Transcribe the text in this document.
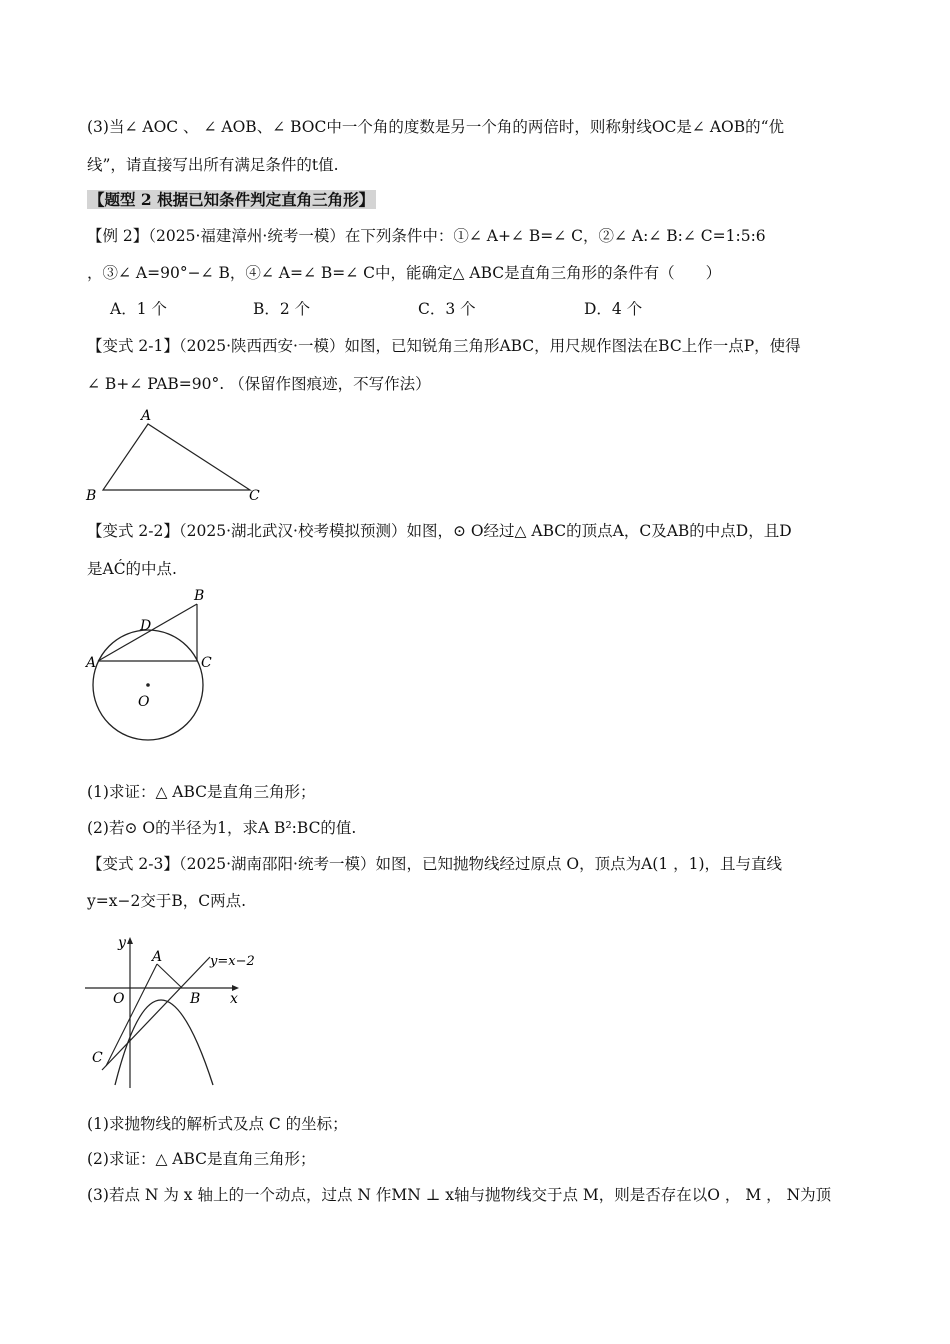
(3)当∠ AOC 、 ∠ AOB、∠ BOC中一个角的度数是另一个角的两倍时，则称射线OC是∠ AOB的“优
线”，请直接写出所有满足条件的t值.
【题型 2 根据已知条件判定直角三角形】
【例 2】（2025·福建漳州·统考一模）在下列条件中：①∠ A+∠ B=∠ C，②∠ A:∠ B:∠ C=1:5:6
，③∠ A=90°−∠ B，④∠ A=∠ B=∠ C中，能确定△ ABC是直角三角形的条件有（　　）
A．1 个	B．2 个	C．3 个	D．4 个
【变式 2-1】（2025·陕西西安·一模）如图，已知锐角三角形ABC，用尺规作图法在BC上作一点P，使得
∠ B+∠ PAB=90°. （保留作图痕迹，不写作法）
A
B	C
【变式 2-2】（2025·湖北武汉·校考模拟预测）如图，⊙ O经过△ ABC的顶点A，C及AB的中点D，且D
是AĆ的中点.
A
B
C
D
O
(1)求证：△ ABC是直角三角形；
(2)若⊙ O的半径为1，求A B²:BC的值.
【变式 2-3】（2025·湖南邵阳·统考一模）如图，已知抛物线经过原点 O，顶点为A(1 ，1)，且与直线
y=x−2交于B，C两点.
y
x
A
O	B
C
y=x−2
(1)求抛物线的解析式及点 C 的坐标；
(2)求证：△ ABC是直角三角形；
(3)若点 N 为 x 轴上的一个动点，过点 N 作MN ⊥ x轴与抛物线交于点 M，则是否存在以O ， M ， N为顶
